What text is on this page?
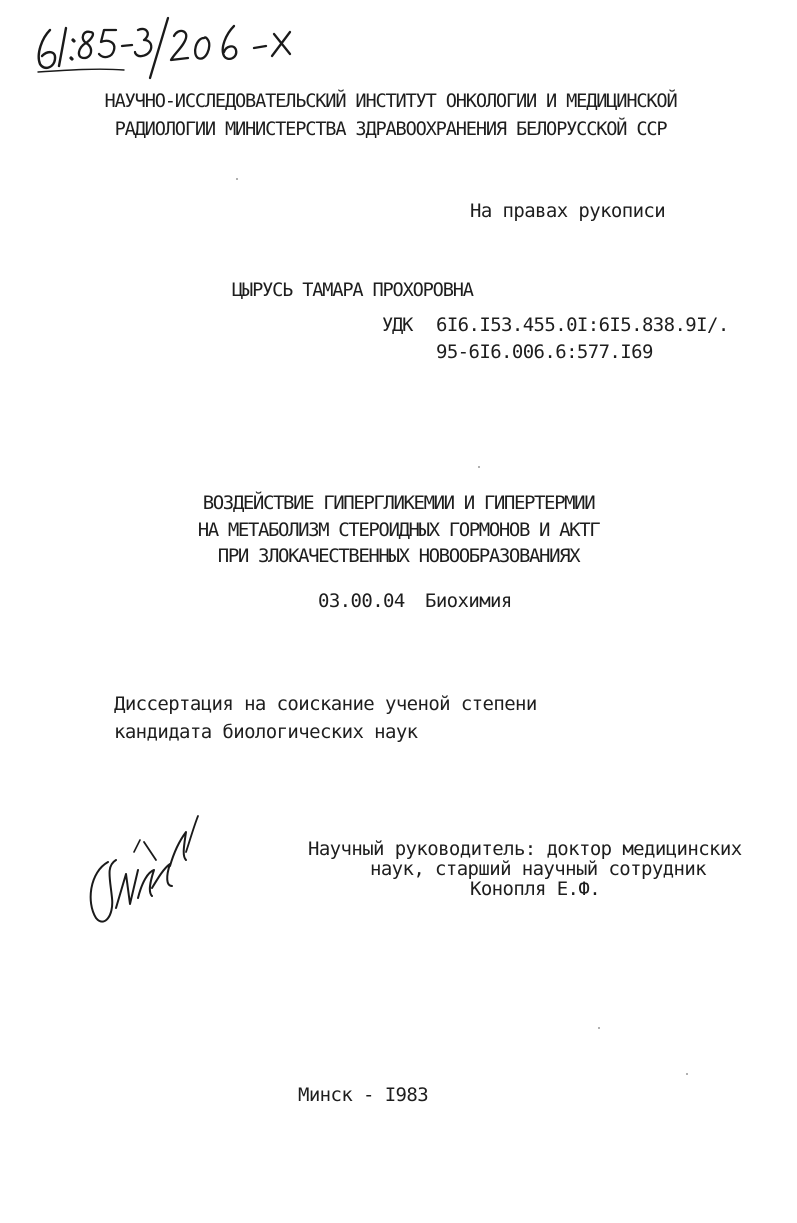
НАУЧНО-ИССЛЕДОВАТЕЛЬСКИЙ ИНСТИТУТ ОНКОЛОГИИ И МЕДИЦИНСКОЙ
РАДИОЛОГИИ МИНИСТЕРСТВА ЗДРАВООХРАНЕНИЯ БЕЛОРУССКОЙ ССР
На правах рукописи
ЦЫРУСЬ ТАМАРА ПРОХОРОВНА
УДК 6I6.I53.455.0I:6I5.838.9I/.
95-6I6.006.6:577.I69
ВОЗДЕЙСТВИЕ ГИПЕРГЛИКЕМИИ И ГИПЕРТЕРМИИ
НА МЕТАБОЛИЗМ СТЕРОИДНЫХ ГОРМОНОВ И АКТГ
ПРИ ЗЛОКАЧЕСТВЕННЫХ НОВООБРАЗОВАНИЯХ
03.00.04 Биохимия
Диссертация на соискание ученой степени
кандидата биологических наук
Научный руководитель: доктор медицинских
наук, старший научный сотрудник
Конопля Е.Ф.
Минск - I983
